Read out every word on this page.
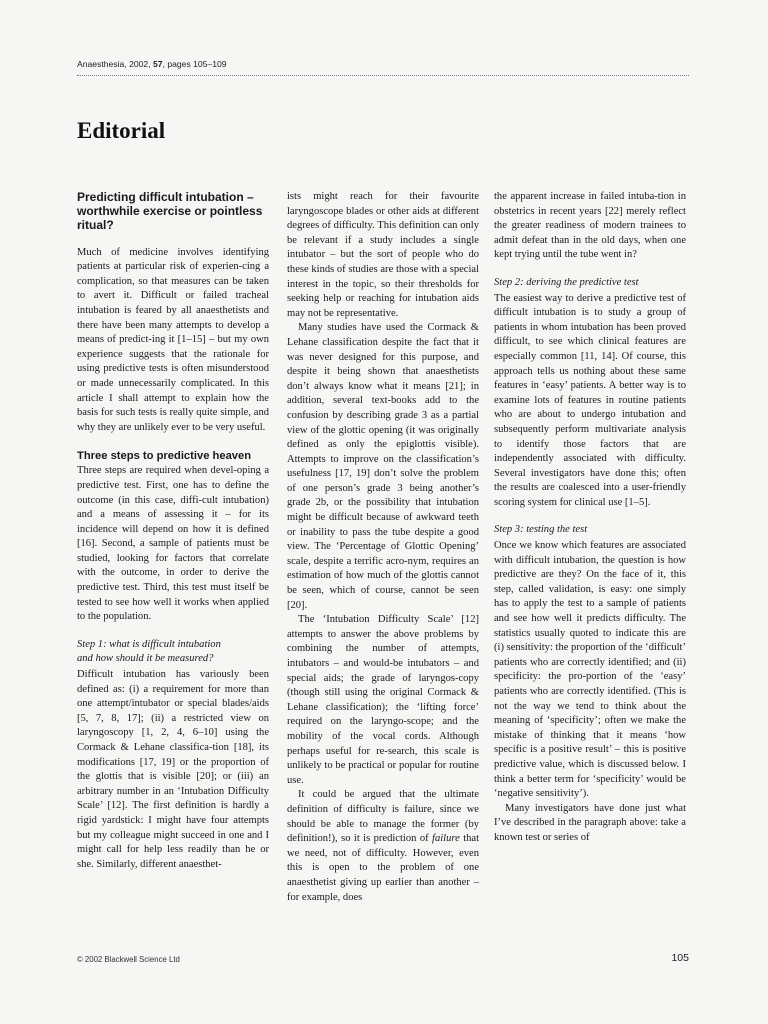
Anaesthesia, 2002, 57, pages 105–109
Editorial
Predicting difficult intubation – worthwhile exercise or pointless ritual?

Much of medicine involves identifying patients at particular risk of experien-cing a complication, so that measures can be taken to avert it. Difficult or failed tracheal intubation is feared by all anaesthetists and there have been many attempts to develop a means of predict-ing it [1–15] – but my own experience suggests that the rationale for using predictive tests is often misunderstood or made unnecessarily complicated. In this article I shall attempt to explain how the basis for such tests is really quite simple, and why they are unlikely ever to be very useful.

Three steps to predictive heaven

Three steps are required when devel-oping a predictive test. First, one has to define the outcome (in this case, diffi-cult intubation) and a means of assessing it – for its incidence will depend on how it is defined [16]. Second, a sample of patients must be studied, looking for factors that correlate with the outcome, in order to derive the predictive test. Third, this test must itself be tested to see how well it works when applied to the population.

Step 1: what is difficult intubation
and how should it be measured?

Difficult intubation has variously been defined as: (i) a requirement for more than one attempt/intubator or special blades/aids [5, 7, 8, 17]; (ii) a restricted view on laryngoscopy [1, 2, 4, 6–10] using the Cormack & Lehane classifica-tion [18], its modifications [17, 19] or the proportion of the glottis that is visible [20]; or (iii) an arbitrary number in an ‘Intubation Difficulty Scale’ [12]. The first definition is hardly a rigid yardstick: I might have four attempts but my colleague might succeed in one and I might call for help less readily than he or she. Similarly, different anaesthet-

ists might reach for their favourite laryngoscope blades or other aids at different degrees of difficulty. This definition can only be relevant if a study includes a single intubator – but the sort of people who do these kinds of studies are those with a special interest in the topic, so their thresholds for seeking help or reaching for intubation aids may not be representative.

Many studies have used the Cormack & Lehane classification despite the fact that it was never designed for this purpose, and despite it being shown that anaesthetists don’t always know what it means [21]; in addition, several text-books add to the confusion by describing grade 3 as a partial view of the glottic opening (it was originally defined as only the epiglottis visible). Attempts to improve on the classification’s usefulness [17, 19] don’t solve the problem of one person’s grade 3 being another’s grade 2b, or the possibility that intubation might be difficult because of awkward teeth or inability to pass the tube despite a good view. The ‘Percentage of Glottic Opening’ scale, despite a terrific acro-nym, requires an estimation of how much of the glottis cannot be seen, which of course, cannot be seen [20].

The ‘Intubation Difficulty Scale’ [12] attempts to answer the above problems by combining the number of attempts, intubators – and would-be intubators – and special aids; the grade of laryngos-copy (though still using the original Cormack & Lehane classification); the ‘lifting force’ required on the laryngo-scope; and the mobility of the vocal cords. Although perhaps useful for re-search, this scale is unlikely to be practical or popular for routine use.

It could be argued that the ultimate definition of difficulty is failure, since we should be able to manage the former (by definition!), so it is prediction of failure that we need, not of difficulty. However, even this is open to the problem of one anaesthetist giving up earlier than another – for example, does

the apparent increase in failed intuba-tion in obstetrics in recent years [22] merely reflect the greater readiness of modern trainees to admit defeat than in the old days, when one kept trying until the tube went in?

Step 2: deriving the predictive test

The easiest way to derive a predictive test of difficult intubation is to study a group of patients in whom intubation has been proved difficult, to see which clinical features are especially common [11, 14]. Of course, this approach tells us nothing about these same features in ‘easy’ patients. A better way is to examine lots of features in routine patients who are about to undergo intubation and subsequently perform multivariate analysis to identify those factors that are independently associated with difficulty. Several investigators have done this; often the results are coalesced into a user-friendly scoring system for clinical use [1–5].

Step 3: testing the test

Once we know which features are associated with difficult intubation, the question is how predictive are they? On the face of it, this step, called validation, is easy: one simply has to apply the test to a sample of patients and see how well it predicts difficulty. The statistics usually quoted to indicate this are (i) sensitivity: the proportion of the ‘difficult’ patients who are correctly identified; and (ii) specificity: the pro-portion of the ‘easy’ patients who are correctly identified. (This is not the way we tend to think about the meaning of ‘specificity’; often we make the mistake of thinking that it means ‘how specific is a positive result’ – this is positive predictive value, which is discussed below. I think a better term for ‘specificity’ would be ‘negative sensitivity’).

Many investigators have done just what I’ve described in the paragraph above: take a known test or series of

© 2002 Blackwell Science Ltd	105
